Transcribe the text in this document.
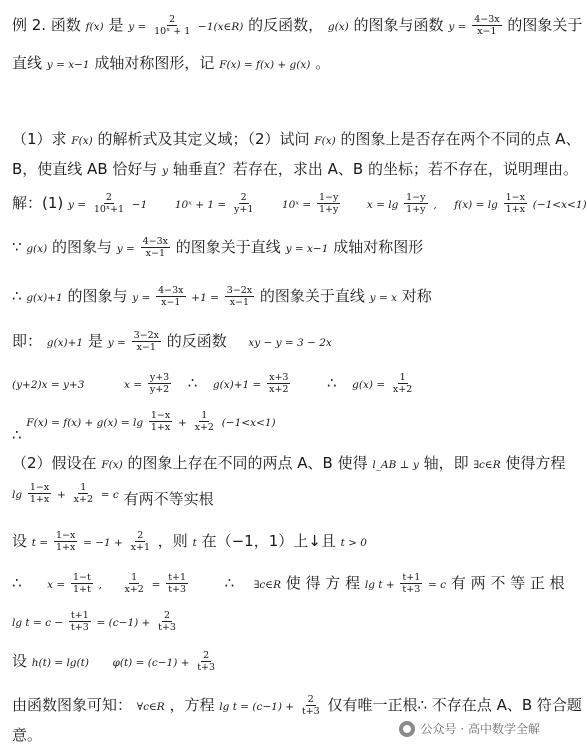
例 2. 函数 f(x) 是 $y = \frac{2}{\text{10ˣ + 1}}$ −1(x∈R) 的反函数， g(x) 的图象与函数 $y = \frac{4-3x}{x-1}$ 的图象关于
直线 y = x−1 成轴对称图形，记 F(x) = f(x) + g(x) 。
（1）求 F(x) 的解析式及其定义域；（2）试问 F(x) 的图象上是否存在两个不同的点 A、
B，使直线 AB 恰好与 y 轴垂直？若存在，求出 A、B 的坐标；若不存在，说明理由。
解：(1) $y = \frac{2}{\text{10ˣ+1}} -1$	10ˣ + $1 = \frac{2}{y+1}$	10ˣ = $\frac{1-y}{1+y}$	$x = \lg \frac{1-y}{1+y}$ , $f(x) = \lg \frac{1-x}{1+x} (-1<x<1)$
∵ g(x) 的图象与 $y = \frac{4-3x}{x-1}$ 的图象关于直线 y = x−1 成轴对称图形
∴ g(x)+1 的图象与 $y = \frac{4-3x}{x-1} +1 = \frac{3-2x}{x-1}$ 的图象关于直线 y = x 对称
即： g(x)+1 是 $y = \frac{3-2x}{x-1}$ 的反函数 xy − y = 3 − 2x
(y+2)x = y+3	$x = \frac{y+3}{y+2}$ ∴ $g(x)+1 = \frac{x+3}{x+2}$ ∴ $g(x) = \frac{1}{x+2}$
∴ $F(x) = f(x) + g(x) = \lg \frac{1-x}{1+x} + \frac{1}{x+2} (-1<x<1)$
（2）假设在 F(x) 的图象上存在不同的两点 A、B 使得 l_AB ⊥ y 轴，即 ∃c∈R 使得方程
$\lg \frac{1-x}{1+x} + \frac{1}{x+2} = c$ 有两不等实根
设 $t = \frac{1-x}{1+x} = -1 + \frac{2}{x+1}$ ，则 t 在（−1，1）上↓且 t > 0
∴ $x = \frac{1-t}{1+t}$ , $\frac{1}{x+2} = \frac{t+1}{t+3}$ ∴ ∃c∈R 使 得 方 程 $\lg t + \frac{t+1}{t+3} = c$ 有 两 不 等 正 根
$\lg t = c - \frac{t+1}{t+3} = (c-1) + \frac{2}{t+3}$
设 h(t) = lg(t) $\varphi(t) = (c-1) + \frac{2}{t+3}$
由函数图象可知： ∀c∈R ，方程 $\lg t = (c-1) + \frac{2}{t+3}$ 仅有唯一正根∴ 不存在点 A、B 符合题
意。	公众号 · 高中数学全解
